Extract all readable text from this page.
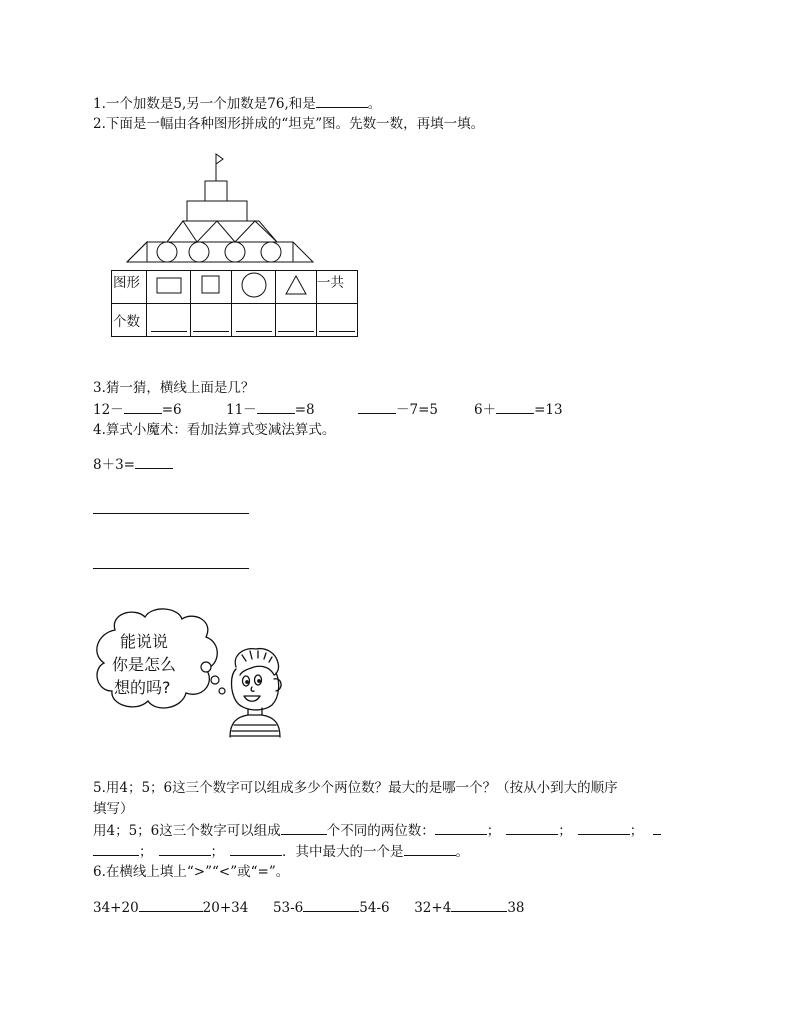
1.一个加数是5,另一个加数是76,和是	。
2.下面是一幅由各种图形拼成的“坦克”图。先数一数，再填一填。
图形					一共
个数					
3.猜一猜，横线上面是几？
12－	=6	11－	=8	－7=5	6＋	=13
4.算式小魔术：看加法算式变减法算式。
8＋3=
能说说
你是怎么
想的吗?
5.用4；5；6这三个数字可以组成多少个两位数？最大的是哪一个？（按从小到大的顺序
填写）
用4；5；6这三个数字可以组成	个不同的两位数：	；	；	；
；	；	．其中最大的一个是	。
6.在横线上填上“>”“<”或“=”。
34+20	20+34 53-6	54-6 32+4	38
